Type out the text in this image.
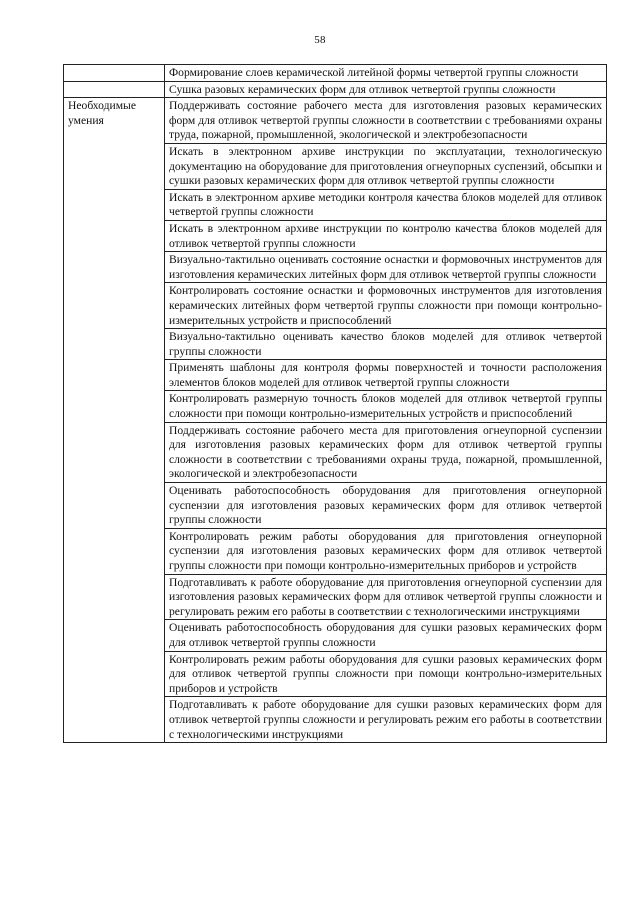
58
	Формирование слоев керамической литейной формы четвертой группы сложности
	Сушка разовых керамических форм для отливок четвертой группы сложности
Необходимые умения	Поддерживать состояние рабочего места для изготовления разовых керамических форм для отливок четвертой группы сложности в соответствии с требованиями охраны труда, пожарной, промышленной, экологической и электробезопасности
	Искать в электронном архиве инструкции по эксплуатации, технологическую документацию на оборудование для приготовления огнеупорных суспензий, обсыпки и сушки разовых керамических форм для отливок четвертой группы сложности
	Искать в электронном архиве методики контроля качества блоков моделей для отливок четвертой группы сложности
	Искать в электронном архиве инструкции по контролю качества блоков моделей для отливок четвертой группы сложности
	Визуально-тактильно оценивать состояние оснастки и формовочных инструментов для изготовления керамических литейных форм для отливок четвертой группы сложности
	Контролировать состояние оснастки и формовочных инструментов для изготовления керамических литейных форм четвертой группы сложности при помощи контрольно-измерительных устройств и приспособлений
	Визуально-тактильно оценивать качество блоков моделей для отливок четвертой группы сложности
	Применять шаблоны для контроля формы поверхностей и точности расположения элементов блоков моделей для отливок четвертой группы сложности
	Контролировать размерную точность блоков моделей для отливок четвертой группы сложности при помощи контрольно-измерительных устройств и приспособлений
	Поддерживать состояние рабочего места для приготовления огнеупорной суспензии для изготовления разовых керамических форм для отливок четвертой группы сложности в соответствии с требованиями охраны труда, пожарной, промышленной, экологической и электробезопасности
	Оценивать работоспособность оборудования для приготовления огнеупорной суспензии для изготовления разовых керамических форм для отливок четвертой группы сложности
	Контролировать режим работы оборудования для приготовления огнеупорной суспензии для изготовления разовых керамических форм для отливок четвертой группы сложности при помощи контрольно-измерительных приборов и устройств
	Подготавливать к работе оборудование для приготовления огнеупорной суспензии для изготовления разовых керамических форм для отливок четвертой группы сложности и регулировать режим его работы в соответствии с технологическими инструкциями
	Оценивать работоспособность оборудования для сушки разовых керамических форм для отливок четвертой группы сложности
	Контролировать режим работы оборудования для сушки разовых керамических форм для отливок четвертой группы сложности при помощи контрольно-измерительных приборов и устройств
	Подготавливать к работе оборудование для сушки разовых керамических форм для отливок четвертой группы сложности и регулировать режим его работы в соответствии с технологическими инструкциями
